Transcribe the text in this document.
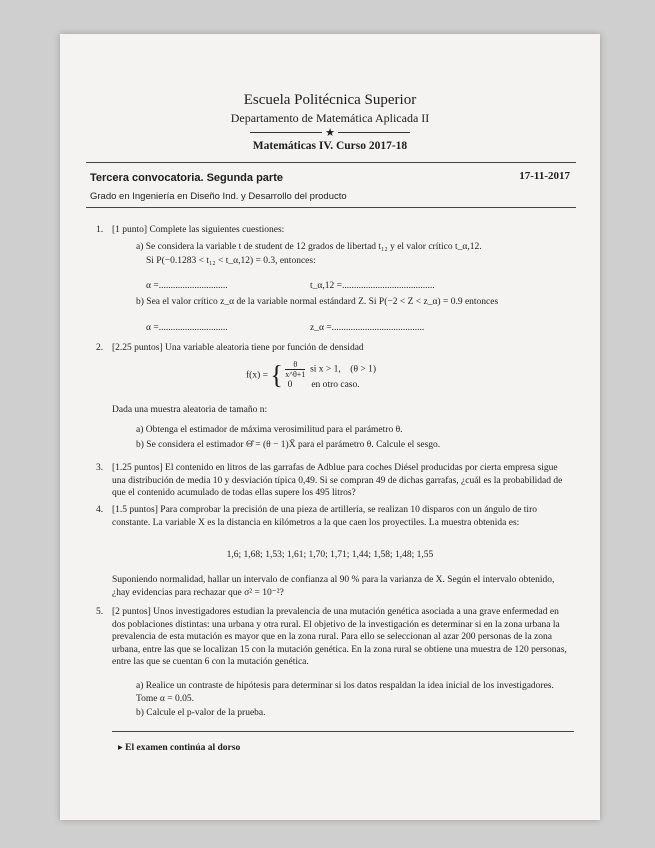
Escuela Politécnica Superior
Departamento de Matemática Aplicada II
★
Matemáticas IV. Curso 2017-18
Tercera convocatoria. Segunda parte	17-11-2017
Grado en Ingeniería en Diseño Ind. y Desarrollo del producto
1. [1 punto] Complete las siguientes cuestiones:
a) Se considera la variable t de student de 12 grados de libertad t₁₂ y el valor crítico t_α,12.
Si P(−0.1283 < t₁₂ < t_α,12) = 0.3, entonces:
α =.............................	t_α,12 =.......................................
b) Sea el valor crítico z_α de la variable normal estándard Z. Si P(−2 < Z < z_α) = 0.9 entonces
α =.............................	z_α =.......................................
2. [2.25 puntos] Una variable aleatoria tiene por función de densidad
f(x) = { $\frac{\theta}{x\^{}\theta+1}$ si x > 1, (θ > 1)
0 en otro caso.
Dada una muestra aleatoria de tamaño n:
a) Obtenga el estimador de máxima verosimilitud para el parámetro θ.
b) Se considera el estimador Θ̂ = (θ − 1)X̄ para el parámetro θ. Calcule el sesgo.
3. [1.25 puntos] El contenido en litros de las garrafas de Adblue para coches Diésel producidas por cierta empresa sigue una distribución de media 10 y desviación típica 0,49. Si se compran 49 de dichas garrafas, ¿cuál es la probabilidad de que el contenido acumulado de todas ellas supere los 495 litros?
4. [1.5 puntos] Para comprobar la precisión de una pieza de artillería, se realizan 10 disparos con un ángulo de tiro constante. La variable X es la distancia en kilómetros a la que caen los proyectiles. La muestra obtenida es:
1,6; 1,68; 1,53; 1,61; 1,70; 1,71; 1,44; 1,58; 1,48; 1,55
Suponiendo normalidad, hallar un intervalo de confianza al 90 % para la varianza de X. Según el intervalo obtenido, ¿hay evidencias para rechazar que σ² = 10⁻²?
5. [2 puntos] Unos investigadores estudian la prevalencia de una mutación genética asociada a una grave enfermedad en dos poblaciones distintas: una urbana y otra rural. El objetivo de la investigación es determinar si en la zona urbana la prevalencia de esta mutación es mayor que en la zona rural. Para ello se seleccionan al azar 200 personas de la zona urbana, entre las que se localizan 15 con la mutación genética. En la zona rural se obtiene una muestra de 120 personas, entre las que se cuentan 6 con la mutación genética.
a) Realice un contraste de hipótesis para determinar si los datos respaldan la idea inicial de los investigadores. Tome α = 0.05.
b) Calcule el p-valor de la prueba.
▸ El examen continúa al dorso
